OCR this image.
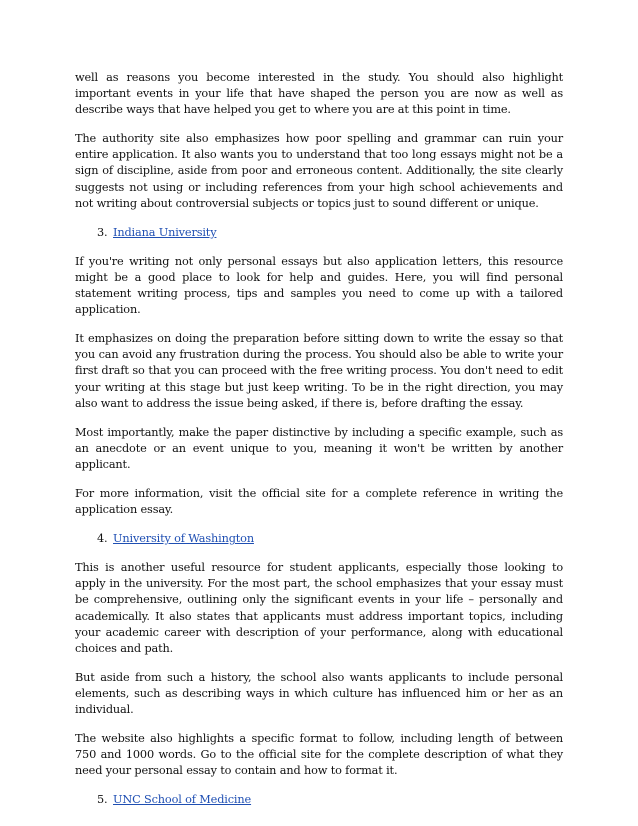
well as reasons you become interested in the study. You should also highlight important events in your life that have shaped the person you are now as well as describe ways that have helped you get to where you are at this point in time.

The authority site also emphasizes how poor spelling and grammar can ruin your entire application. It also wants you to understand that too long essays might not be a sign of discipline, aside from poor and erroneous content. Additionally, the site clearly suggests not using or including references from your high school achievements and not writing about controversial subjects or topics just to sound different or unique.

3. Indiana University

If you're writing not only personal essays but also application letters, this resource might be a good place to look for help and guides. Here, you will find personal statement writing process, tips and samples you need to come up with a tailored application.

It emphasizes on doing the preparation before sitting down to write the essay so that you can avoid any frustration during the process. You should also be able to write your first draft so that you can proceed with the free writing process. You don't need to edit your writing at this stage but just keep writing. To be in the right direction, you may also want to address the issue being asked, if there is, before drafting the essay.

Most importantly, make the paper distinctive by including a specific example, such as an anecdote or an event unique to you, meaning it won't be written by another applicant.

For more information, visit the official site for a complete reference in writing the application essay.

4. University of Washington

This is another useful resource for student applicants, especially those looking to apply in the university. For the most part, the school emphasizes that your essay must be comprehensive, outlining only the significant events in your life – personally and academically. It also states that applicants must address important topics, including your academic career with description of your performance, along with educational choices and path.

But aside from such a history, the school also wants applicants to include personal elements, such as describing ways in which culture has influenced him or her as an individual.

The website also highlights a specific format to follow, including length of between 750 and 1000 words. Go to the official site for the complete description of what they need your personal essay to contain and how to format it.

5. UNC School of Medicine
